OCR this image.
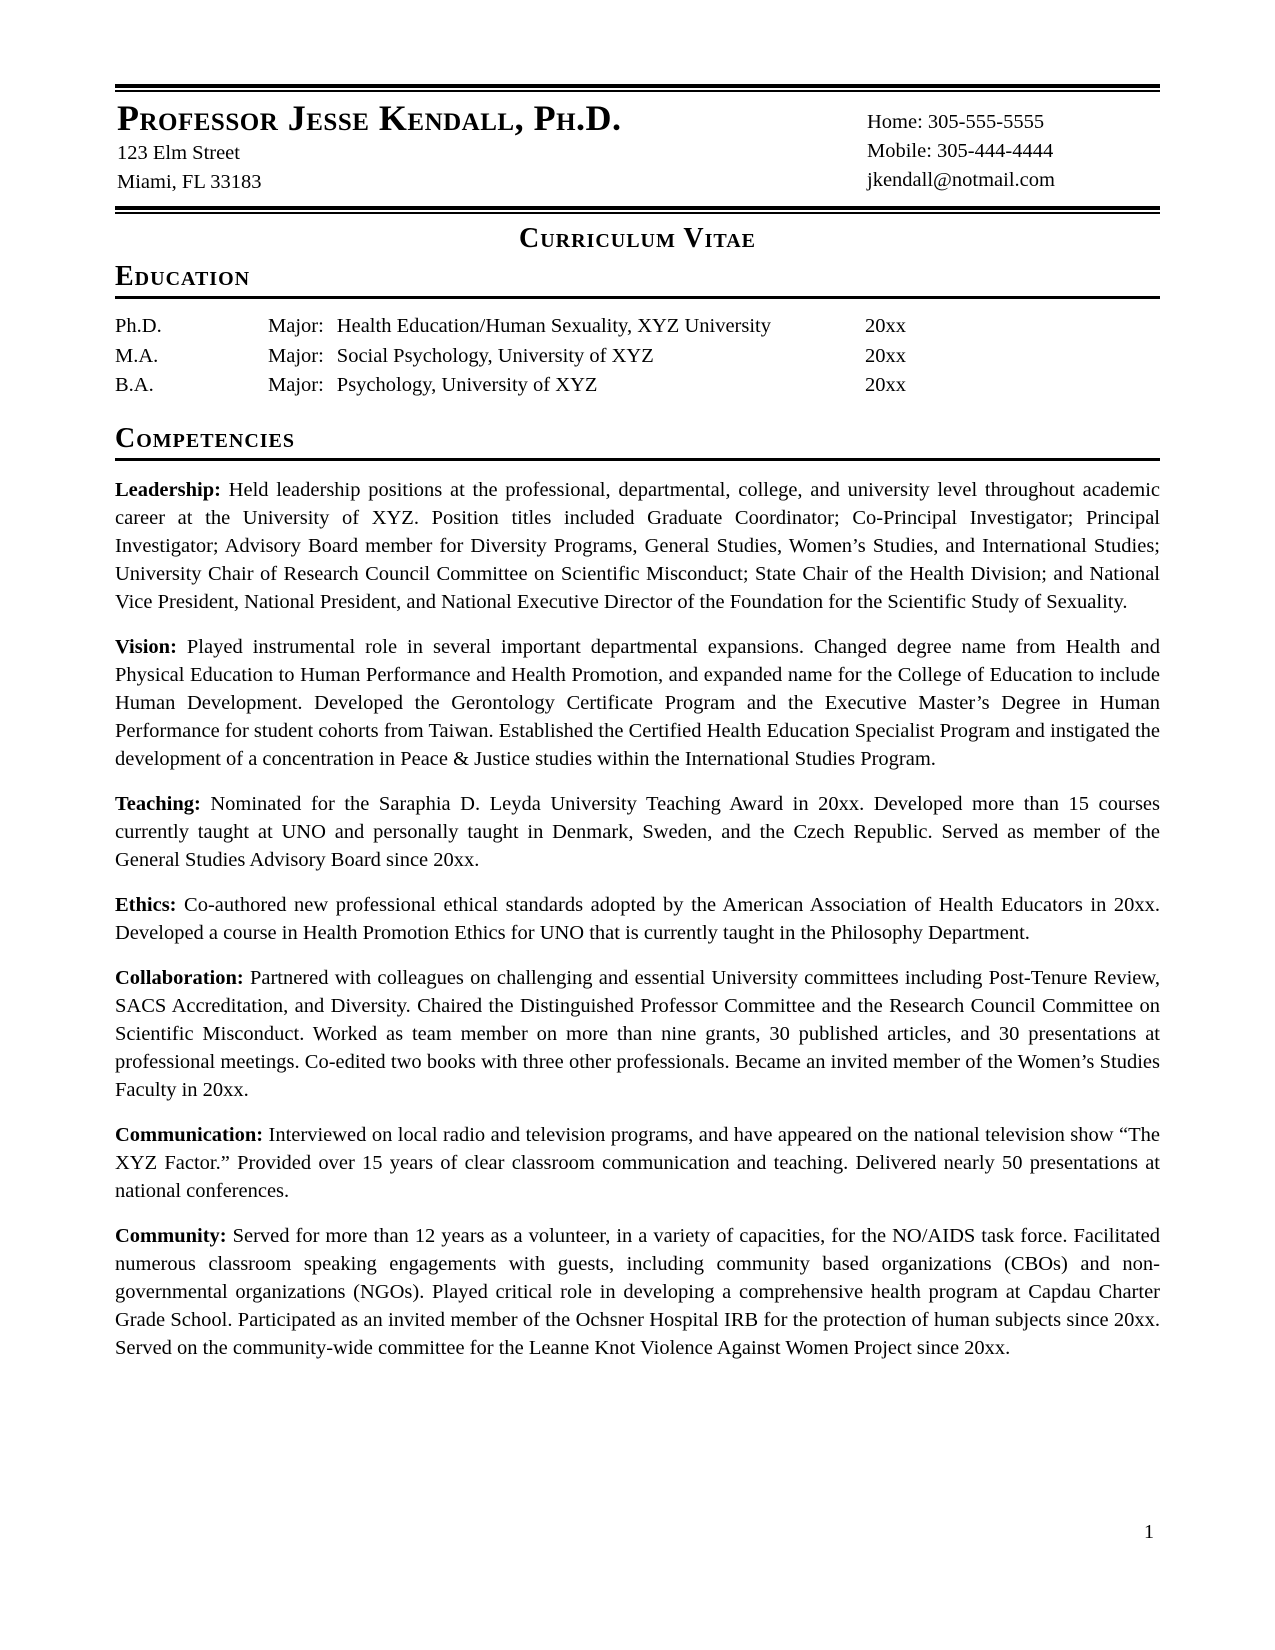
Professor Jesse Kendall, Ph.D.
123 Elm Street
Miami, FL 33183
Home: 305-555-5555
Mobile: 305-444-4444
jkendall@notmail.com
Curriculum Vitae
Education
Ph.D.	Major: Health Education/Human Sexuality, XYZ University	20xx
M.A.	Major: Social Psychology, University of XYZ	20xx
B.A.	Major: Psychology, University of XYZ	20xx
Competencies

Leadership: Held leadership positions at the professional, departmental, college, and university level throughout academic career at the University of XYZ. Position titles included Graduate Coordinator; Co-Principal Investigator; Principal Investigator; Advisory Board member for Diversity Programs, General Studies, Women’s Studies, and International Studies; University Chair of Research Council Committee on Scientific Misconduct; State Chair of the Health Division; and National Vice President, National President, and National Executive Director of the Foundation for the Scientific Study of Sexuality.

Vision: Played instrumental role in several important departmental expansions. Changed degree name from Health and Physical Education to Human Performance and Health Promotion, and expanded name for the College of Education to include Human Development. Developed the Gerontology Certificate Program and the Executive Master’s Degree in Human Performance for student cohorts from Taiwan. Established the Certified Health Education Specialist Program and instigated the development of a concentration in Peace & Justice studies within the International Studies Program.

Teaching: Nominated for the Saraphia D. Leyda University Teaching Award in 20xx. Developed more than 15 courses currently taught at UNO and personally taught in Denmark, Sweden, and the Czech Republic. Served as member of the General Studies Advisory Board since 20xx.

Ethics: Co-authored new professional ethical standards adopted by the American Association of Health Educators in 20xx. Developed a course in Health Promotion Ethics for UNO that is currently taught in the Philosophy Department.

Collaboration: Partnered with colleagues on challenging and essential University committees including Post-Tenure Review, SACS Accreditation, and Diversity. Chaired the Distinguished Professor Committee and the Research Council Committee on Scientific Misconduct. Worked as team member on more than nine grants, 30 published articles, and 30 presentations at professional meetings. Co-edited two books with three other professionals. Became an invited member of the Women’s Studies Faculty in 20xx.

Communication: Interviewed on local radio and television programs, and have appeared on the national television show “The XYZ Factor.” Provided over 15 years of clear classroom communication and teaching. Delivered nearly 50 presentations at national conferences.

Community: Served for more than 12 years as a volunteer, in a variety of capacities, for the NO/AIDS task force. Facilitated numerous classroom speaking engagements with guests, including community based organizations (CBOs) and non-governmental organizations (NGOs). Played critical role in developing a comprehensive health program at Capdau Charter Grade School. Participated as an invited member of the Ochsner Hospital IRB for the protection of human subjects since 20xx. Served on the community-wide committee for the Leanne Knot Violence Against Women Project since 20xx.

1
